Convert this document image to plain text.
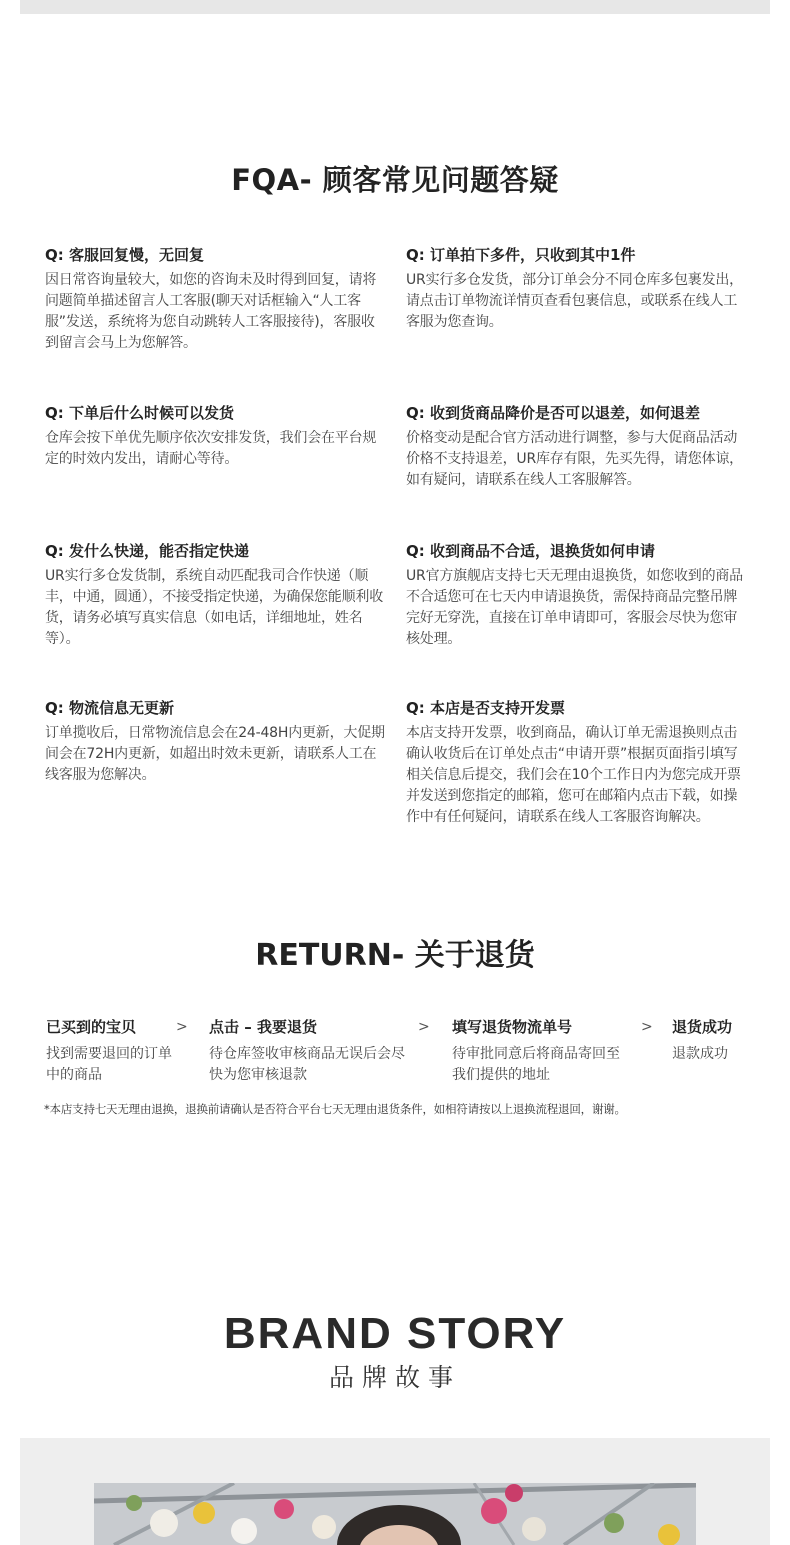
FQA- 顾客常见问题答疑
Q: 客服回复慢，无回复
因日常咨询量较大，如您的咨询未及时得到回复，请将问题简单描述留言人工客服(聊天对话框输入“人工客服”发送，系统将为您自动跳转人工客服接待)，客服收到留言会马上为您解答。
Q: 订单拍下多件，只收到其中1件
UR实行多仓发货，部分订单会分不同仓库多包裹发出，请点击订单物流详情页查看包裹信息，或联系在线人工客服为您查询。
Q: 下单后什么时候可以发货
仓库会按下单优先顺序依次安排发货，我们会在平台规定的时效内发出，请耐心等待。
Q: 收到货商品降价是否可以退差，如何退差
价格变动是配合官方活动进行调整，参与大促商品活动价格不支持退差，UR库存有限，先买先得，请您体谅，如有疑问，请联系在线人工客服解答。
Q: 发什么快递，能否指定快递
UR实行多仓发货制，系统自动匹配我司合作快递（顺丰，中通，圆通），不接受指定快递，为确保您能顺利收货，请务必填写真实信息（如电话，详细地址，姓名等）。
Q: 收到商品不合适，退换货如何申请
UR官方旗舰店支持七天无理由退换货，如您收到的商品不合适您可在七天内申请退换货，需保持商品完整吊牌完好无穿洗，直接在订单申请即可，客服会尽快为您审核处理。
Q: 物流信息无更新
订单揽收后，日常物流信息会在24-48H内更新，大促期间会在72H内更新，如超出时效未更新，请联系人工在线客服为您解决。
Q: 本店是否支持开发票
本店支持开发票，收到商品，确认订单无需退换则点击确认收货后在订单处点击“申请开票”根据页面指引填写相关信息后提交，我们会在10个工作日内为您完成开票并发送到您指定的邮箱，您可在邮箱内点击下载，如操作中有任何疑问，请联系在线人工客服咨询解决。
RETURN- 关于退货
已买到的宝贝
找到需要退回的订单中的商品
> 点击 – 我要退货
待仓库签收审核商品无误后会尽快为您审核退款
> 填写退货物流单号
待审批同意后将商品寄回至我们提供的地址
> 退货成功
退款成功
*本店支持七天无理由退换，退换前请确认是否符合平台七天无理由退货条件，如相符请按以上退换流程退回，谢谢。
BRAND STORY
品牌故事
